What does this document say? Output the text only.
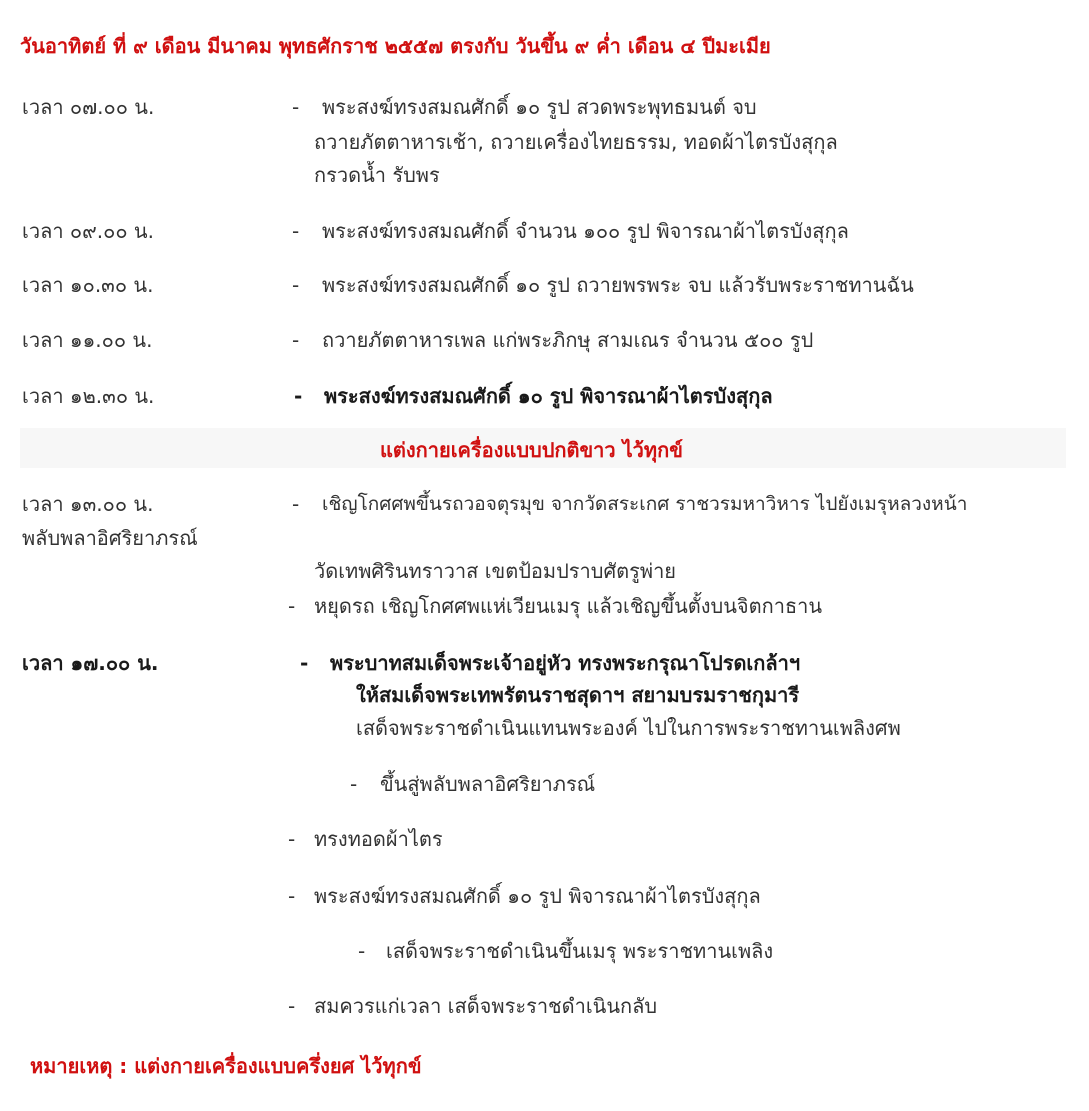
วันอาทิตย์ ที่ ๙ เดือน มีนาคม พุทธศักราช ๒๕๕๗ ตรงกับ วันขึ้น ๙ ค่ำ เดือน ๔ ปีมะเมีย
เวลา ๐๗.๐๐ น.	- พระสงฆ์ทรงสมณศักดิ์ ๑๐ รูป สวดพระพุทธมนต์ จบ
ถวายภัตตาหารเช้า, ถวายเครื่องไทยธรรม, ทอดผ้าไตรบังสุกุล
กรวดน้ำ รับพร
เวลา ๐๙.๐๐ น.	- พระสงฆ์ทรงสมณศักดิ์ จำนวน ๑๐๐ รูป พิจารณาผ้าไตรบังสุกุล
เวลา ๑๐.๓๐ น.	- พระสงฆ์ทรงสมณศักดิ์ ๑๐ รูป ถวายพรพระ จบ แล้วรับพระราชทานฉัน
เวลา ๑๑.๐๐ น.	- ถวายภัตตาหารเพล แก่พระภิกษุ สามเณร จำนวน ๕๐๐ รูป
เวลา ๑๒.๓๐ น.	- พระสงฆ์ทรงสมณศักดิ์ ๑๐ รูป พิจารณาผ้าไตรบังสุกุล
แต่งกายเครื่องแบบปกติขาว ไว้ทุกข์
เวลา ๑๓.๐๐ น.	- เชิญโกศศพขึ้นรถวอจตุรมุข จากวัดสระเกศ ราชวรมหาวิหาร ไปยังเมรุหลวงหน้า
พลับพลาอิศริยาภรณ์
วัดเทพศิรินทราวาส เขตป้อมปราบศัตรูพ่าย
- หยุดรถ เชิญโกศศพแห่เวียนเมรุ แล้วเชิญขึ้นตั้งบนจิตกาธาน
เวลา ๑๗.๐๐ น.	- พระบาทสมเด็จพระเจ้าอยู่หัว ทรงพระกรุณาโปรดเกล้าฯ
ให้สมเด็จพระเทพรัตนราชสุดาฯ สยามบรมราชกุมารี
เสด็จพระราชดำเนินแทนพระองค์ ไปในการพระราชทานเพลิงศพ
- ขึ้นสู่พลับพลาอิศริยาภรณ์
- ทรงทอดผ้าไตร
- พระสงฆ์ทรงสมณศักดิ์ ๑๐ รูป พิจารณาผ้าไตรบังสุกุล
- เสด็จพระราชดำเนินขึ้นเมรุ พระราชทานเพลิง
- สมควรแก่เวลา เสด็จพระราชดำเนินกลับ
หมายเหตุ : แต่งกายเครื่องแบบครึ่งยศ ไว้ทุกข์
